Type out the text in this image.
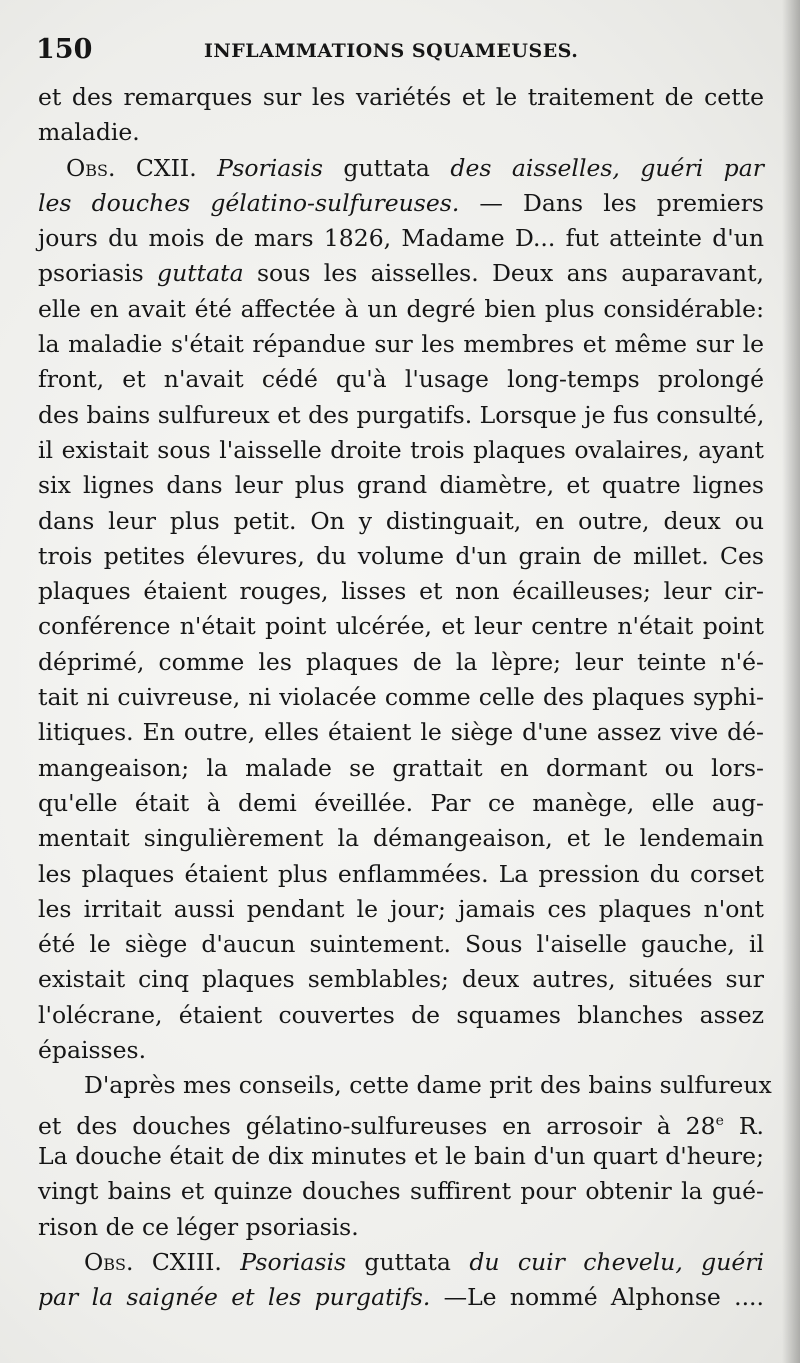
150	INFLAMMATIONS SQUAMEUSES.
et des remarques sur les variétés et le traitement de cette
maladie.
Obs. CXII. Psoriasis guttata des aisselles, guéri par
les douches gélatino-sulfureuses. — Dans les premiers
jours du mois de mars 1826, Madame D... fut atteinte d'un
psoriasis guttata sous les aisselles. Deux ans auparavant,
elle en avait été affectée à un degré bien plus considérable:
la maladie s'était répandue sur les membres et même sur le
front, et n'avait cédé qu'à l'usage long-temps prolongé
des bains sulfureux et des purgatifs. Lorsque je fus consulté,
il existait sous l'aisselle droite trois plaques ovalaires, ayant
six lignes dans leur plus grand diamètre, et quatre lignes
dans leur plus petit. On y distinguait, en outre, deux ou
trois petites élevures, du volume d'un grain de millet. Ces
plaques étaient rouges, lisses et non écailleuses; leur cir-
conférence n'était point ulcérée, et leur centre n'était point
déprimé, comme les plaques de la lèpre; leur teinte n'é-
tait ni cuivreuse, ni violacée comme celle des plaques syphi-
litiques. En outre, elles étaient le siège d'une assez vive dé-
mangeaison; la malade se grattait en dormant ou lors-
qu'elle était à demi éveillée. Par ce manège, elle aug-
mentait singulièrement la démangeaison, et le lendemain
les plaques étaient plus enflammées. La pression du corset
les irritait aussi pendant le jour; jamais ces plaques n'ont
été le siège d'aucun suintement. Sous l'aiselle gauche, il
existait cinq plaques semblables; deux autres, situées sur
l'olécrane, étaient couvertes de squames blanches assez
épaisses.
D'après mes conseils, cette dame prit des bains sulfureux
et des douches gélatino-sulfureuses en arrosoir à 28e R.
La douche était de dix minutes et le bain d'un quart d'heure;
vingt bains et quinze douches suffirent pour obtenir la gué-
rison de ce léger psoriasis.
Obs. CXIII. Psoriasis guttata du cuir chevelu, guéri
par la saignée et les purgatifs. —Le nommé Alphonse ....
